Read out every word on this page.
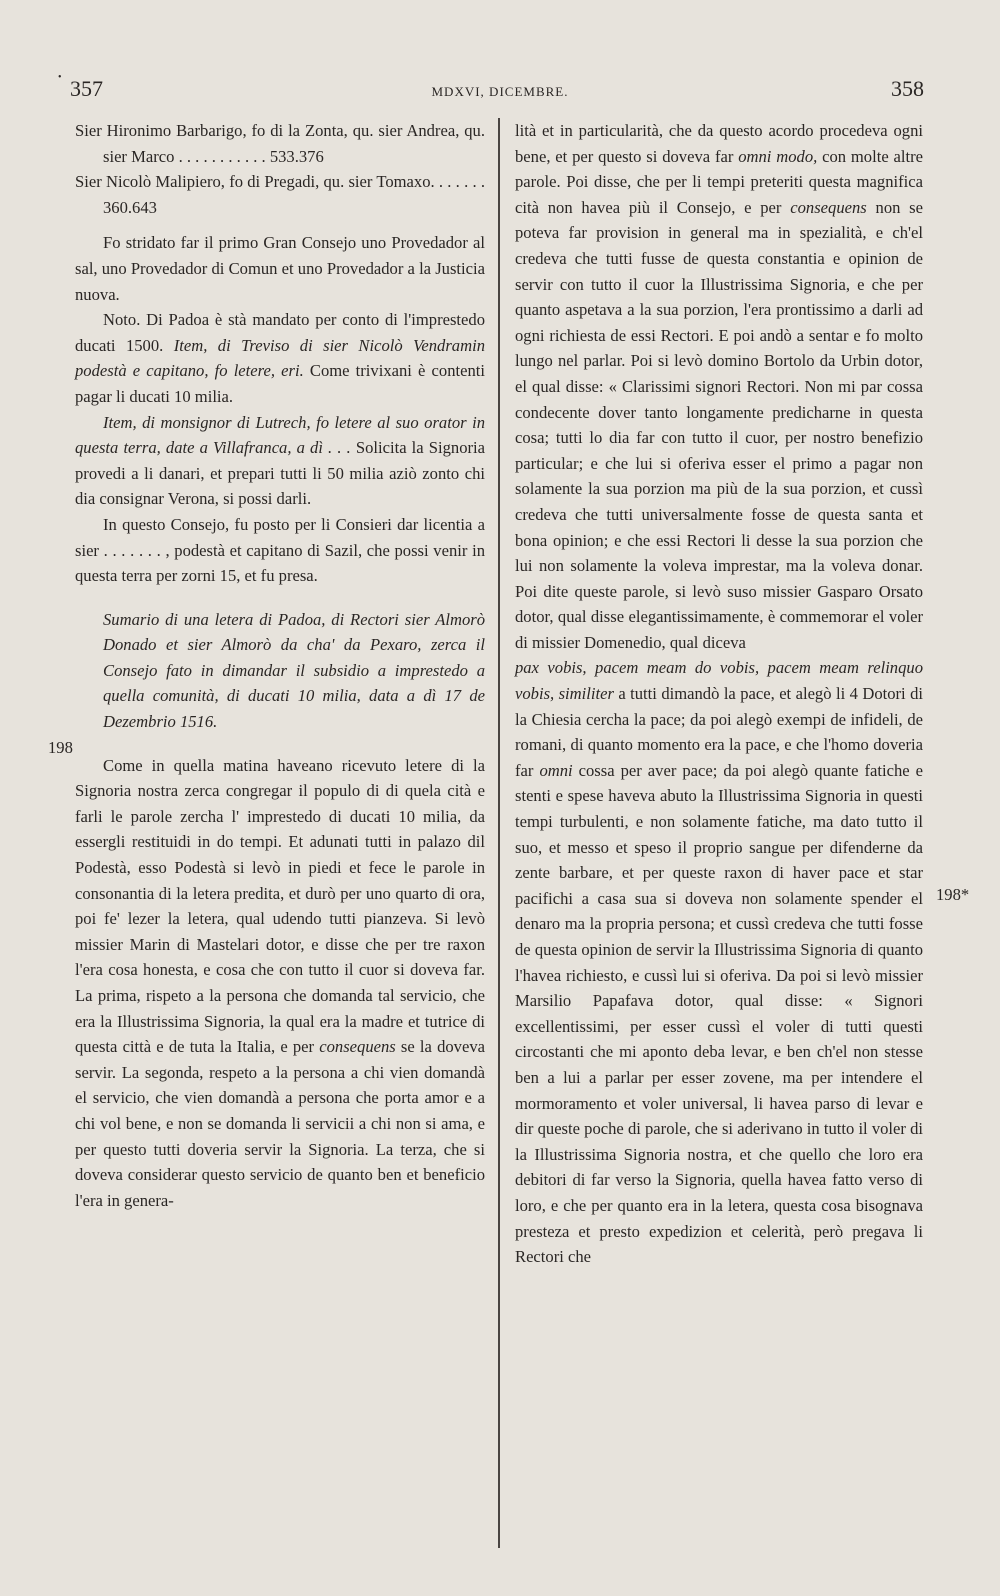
• 357	MDXVI, DICEMBRE.	358
198
198*

Sier Hironimo Barbarigo, fo di la Zonta, qu. sier Andrea, qu. sier Marco . . . . . . . . . . . 533.376

Sier Nicolò Malipiero, fo di Pregadi, qu. sier Tomaxo. . . . . . . 360.643

Fo stridato far il primo Gran Consejo uno Provedador al sal, uno Provedador di Comun et uno Provedador a la Justicia nuova.

Noto. Di Padoa è stà mandato per conto di l'imprestedo ducati 1500. Item, di Treviso di sier Nicolò Vendramin podestà e capitano, fo letere, eri. Come trivixani è contenti pagar li ducati 10 milia.

Item, di monsignor di Lutrech, fo letere al suo orator in questa terra, date a Villafranca, a dì . . . Solicita la Signoria provedi a li danari, et prepari tutti li 50 milia aziò zonto chi dia consignar Verona, si possi darli.

In questo Consejo, fu posto per li Consieri dar licentia a sier . . . . . . . , podestà et capitano di Sazil, che possi venir in questa terra per zorni 15, et fu presa.

Sumario di una letera di Padoa, di Rectori sier Almorò Donado et sier Almorò da cha' da Pexaro, zerca il Consejo fato in dimandar il subsidio a imprestedo a quella comunità, di ducati 10 milia, data a dì 17 de Dezembrio 1516.

Come in quella matina haveano ricevuto letere di la Signoria nostra zerca congregar il populo di di quela cità e farli le parole zercha l' imprestedo di ducati 10 milia, da essergli restituidi in do tempi. Et adunati tutti in palazo dil Podestà, esso Podestà si levò in piedi et fece le parole in consonantia di la letera predita, et durò per uno quarto di ora, poi fe' lezer la letera, qual udendo tutti pianzeva. Si levò missier Marin di Mastelari dotor, e disse che per tre raxon l'era cosa honesta, e cosa che con tutto il cuor si doveva far. La prima, rispeto a la persona che domanda tal servicio, che era la Illustrissima Signoria, la qual era la madre et tutrice di questa città e de tuta la Italia, e per consequens se la doveva servir. La segonda, respeto a la persona a chi vien domandà el servicio, che vien domandà a persona che porta amor e a chi vol bene, e non se domanda li servicii a chi non si ama, e per questo tutti doveria servir la Signoria. La terza, che si doveva considerar questo servicio de quanto ben et beneficio l'era in genera-

lità et in particularità, che da questo acordo procedeva ogni bene, et per questo si doveva far omni modo, con molte altre parole. Poi disse, che per li tempi preteriti questa magnifica cità non havea più il Consejo, e per consequens non se poteva far provision in general ma in spezialità, e ch'el credeva che tutti fusse de questa constantia e opinion de servir con tutto il cuor la Illustrissima Signoria, e che per quanto aspetava a la sua porzion, l'era prontissimo a darli ad ogni richiesta de essi Rectori. E poi andò a sentar e fo molto lungo nel parlar. Poi si levò domino Bortolo da Urbin dotor, el qual disse: « Clarissimi signori Rectori. Non mi par cossa condecente dover tanto longamente predicharne in questa cosa; tutti lo dia far con tutto il cuor, per nostro benefizio particular; e che lui si oferiva esser el primo a pagar non solamente la sua porzion ma più de la sua porzion, et cussì credeva che tutti universalmente fosse de questa santa et bona opinion; e che essi Rectori li desse la sua porzion che lui non solamente la voleva imprestar, ma la voleva donar. Poi dite queste parole, si levò suso missier Gasparo Orsato dotor, qual disse elegantissimamente, è commemorar el voler di missier Domenedio, qual diceva

pax vobis, pacem meam do vobis, pacem meam relinquo vobis, similiter a tutti dimandò la pace, et alegò li 4 Dotori di la Chiesia cercha la pace; da poi alegò exempi de infideli, de romani, di quanto momento era la pace, e che l'homo doveria far omni cossa per aver pace; da poi alegò quante fatiche e stenti e spese haveva abuto la Illustrissima Signoria in questi tempi turbulenti, e non solamente fatiche, ma dato tutto il suo, et messo et speso il proprio sangue per difenderne da zente barbare, et per queste raxon di haver pace et star pacifichi a casa sua si doveva non solamente spender el denaro ma la propria persona; et cussì credeva che tutti fosse de questa opinion de servir la Illustrissima Signoria di quanto l'havea richiesto, e cussì lui si oferiva. Da poi si levò missier Marsilio Papafava dotor, qual disse: « Signori excellentissimi, per esser cussì el voler di tutti questi circostanti che mi aponto deba levar, e ben ch'el non stesse ben a lui a parlar per esser zovene, ma per intendere el mormoramento et voler universal, li havea parso di levar e dir queste poche di parole, che si aderivano in tutto il voler di la Illustrissima Signoria nostra, et che quello che loro era debitori di far verso la Signoria, quella havea fatto verso di loro, e che per quanto era in la letera, questa cosa bisognava presteza et presto expedizion et celerità, però pregava li Rectori che
